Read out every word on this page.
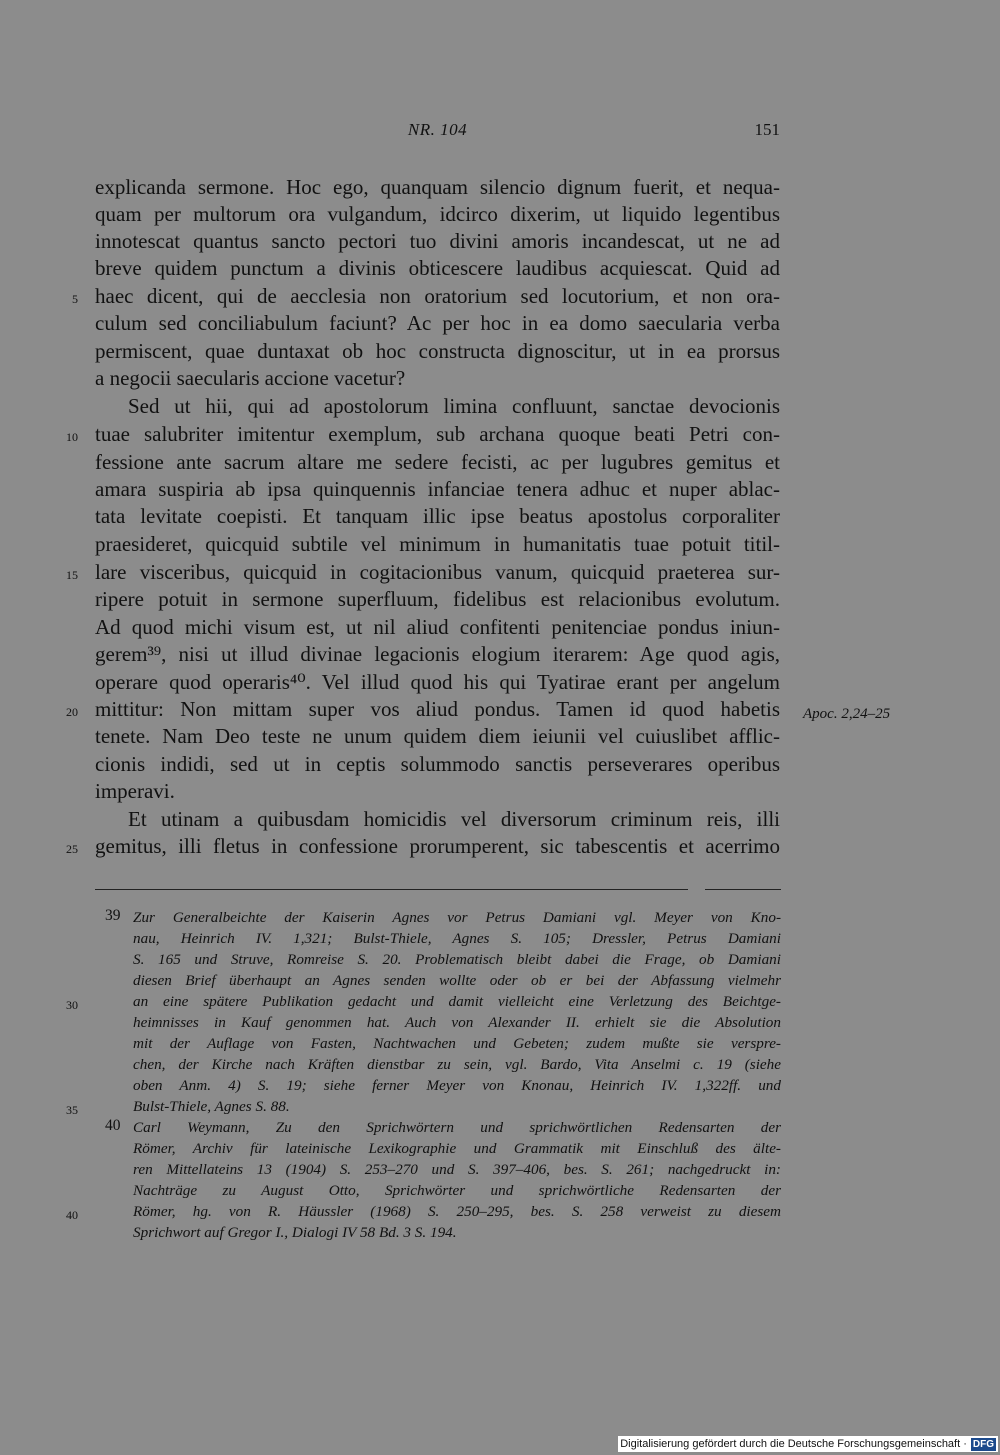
NR. 104	151
explicanda sermone. Hoc ego, quanquam silencio dignum fuerit, et nequa-
quam per multorum ora vulgandum, idcirco dixerim, ut liquido legentibus
innotescat quantus sancto pectori tuo divini amoris incandescat, ut ne ad
breve quidem punctum a divinis obticescere laudibus acquiescat. Quid ad
haec dicent, qui de aecclesia non oratorium sed locutorium, et non ora-
culum sed conciliabulum faciunt? Ac per hoc in ea domo saecularia verba
permiscent, quae duntaxat ob hoc constructa dignoscitur, ut in ea prorsus
a negocii saecularis accione vacetur?
Sed ut hii, qui ad apostolorum limina confluunt, sanctae devocionis
tuae salubriter imitentur exemplum, sub archana quoque beati Petri con-
fessione ante sacrum altare me sedere fecisti, ac per lugubres gemitus et
amara suspiria ab ipsa quinquennis infanciae tenera adhuc et nuper ablac-
tata levitate coepisti. Et tanquam illic ipse beatus apostolus corporaliter
praesideret, quicquid subtile vel minimum in humanitatis tuae potuit titil-
lare visceribus, quicquid in cogitacionibus vanum, quicquid praeterea sur-
ripere potuit in sermone superfluum, fidelibus est relacionibus evolutum.
Ad quod michi visum est, ut nil aliud confitenti penitenciae pondus iniun-
gerem³⁹, nisi ut illud divinae legacionis elogium iterarem: Age quod agis,
operare quod operaris⁴⁰. Vel illud quod his qui Tyatirae erant per angelum
mittitur: Non mittam super vos aliud pondus. Tamen id quod habetis
tenete. Nam Deo teste ne unum quidem diem ieiunii vel cuiuslibet afflic-
cionis indidi, sed ut in ceptis solummodo sanctis perseverares operibus
imperavi.
Et utinam a quibusdam homicidis vel diversorum criminum reis, illi
gemitus, illi fletus in confessione prorumperent, sic tabescentis et acerrimo
5
10
15
20
25
30
35
40
Apoc. 2,24–25
39 Zur Generalbeichte der Kaiserin Agnes vor Petrus Damiani vgl. Meyer von Kno-
nau, Heinrich IV. 1,321; Bulst-Thiele, Agnes S. 105; Dressler, Petrus Damiani
S. 165 und Struve, Romreise S. 20. Problematisch bleibt dabei die Frage, ob Damiani
diesen Brief überhaupt an Agnes senden wollte oder ob er bei der Abfassung vielmehr
an eine spätere Publikation gedacht und damit vielleicht eine Verletzung des Beichtge-
heimnisses in Kauf genommen hat. Auch von Alexander II. erhielt sie die Absolution
mit der Auflage von Fasten, Nachtwachen und Gebeten; zudem mußte sie verspre-
chen, der Kirche nach Kräften dienstbar zu sein, vgl. Bardo, Vita Anselmi c. 19 (siehe
oben Anm. 4) S. 19; siehe ferner Meyer von Knonau, Heinrich IV. 1,322ff. und
Bulst-Thiele, Agnes S. 88.
40 Carl Weymann, Zu den Sprichwörtern und sprichwörtlichen Redensarten der
Römer, Archiv für lateinische Lexikographie und Grammatik mit Einschluß des älte-
ren Mittellateins 13 (1904) S. 253–270 und S. 397–406, bes. S. 261; nachgedruckt in:
Nachträge zu August Otto, Sprichwörter und sprichwörtliche Redensarten der
Römer, hg. von R. Häussler (1968) S. 250–295, bes. S. 258 verweist zu diesem
Sprichwort auf Gregor I., Dialogi IV 58 Bd. 3 S. 194.
Digitalisierung gefördert durch die Deutsche Forschungsgemeinschaft · DFG
